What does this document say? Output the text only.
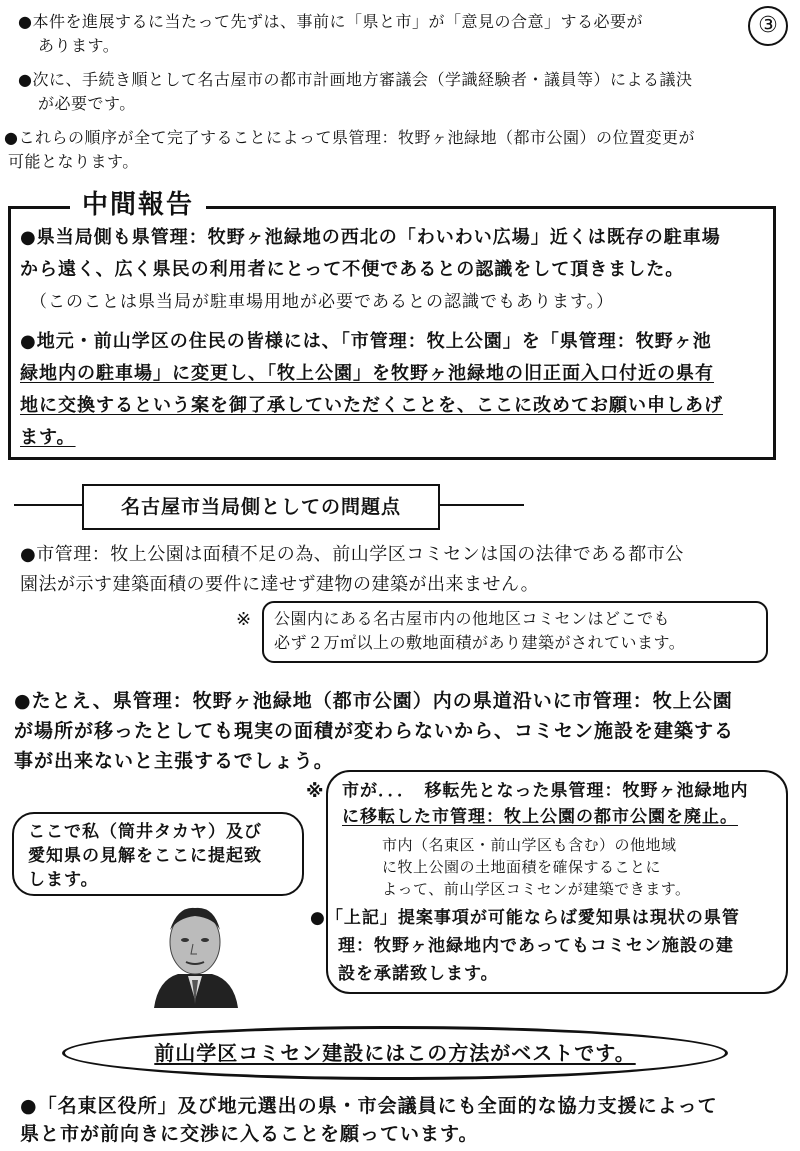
③
●本件を進展するに当たって先ずは、事前に「県と市」が「意見の合意」する必要が
あります。
●次に、手続き順として名古屋市の都市計画地方審議会（学識経験者・議員等）による議決
が必要です。
●これらの順序が全て完了することによって県管理：牧野ヶ池緑地（都市公園）の位置変更が
可能となります。
中間報告
●県当局側も県管理：牧野ヶ池緑地の西北の「わいわい広場」近くは既存の駐車場
から遠く、広く県民の利用者にとって不便であるとの認識をして頂きました。
（このことは県当局が駐車場用地が必要であるとの認識でもあります。）
●地元・前山学区の住民の皆様には、「市管理：牧上公園」を「県管理：牧野ヶ池
緑地内の駐車場」に変更し、「牧上公園」を牧野ヶ池緑地の旧正面入口付近の県有
地に交換するという案を御了承していただくことを、ここに改めてお願い申しあげ
ます。
名古屋市当局側としての問題点
●市管理：牧上公園は面積不足の為、前山学区コミセンは国の法律である都市公
園法が示す建築面積の要件に達せず建物の建築が出来ません。
※ 公園内にある名古屋市内の他地区コミセンはどこでも
必ず２万㎡以上の敷地面積があり建築がされています。
●たとえ、県管理：牧野ヶ池緑地（都市公園）内の県道沿いに市管理：牧上公園
が場所が移ったとしても現実の面積が変わらないから、コミセン施設を建築する
事が出来ないと主張するでしょう。
ここで私（筒井タカヤ）及び
愛知県の見解をここに提起致
します。
※ 市が．．．　移転先となった県管理：牧野ヶ池緑地内
に移転した市管理：牧上公園の都市公園を廃止。
市内（名東区・前山学区も含む）の他地域
に牧上公園の土地面積を確保することに
よって、前山学区コミセンが建築できます。
●「上記」提案事項が可能ならば愛知県は現状の県管
理：牧野ヶ池緑地内であってもコミセン施設の建
設を承諾致します。
前山学区コミセン建設にはこの方法がベストです。
●「名東区役所」及び地元選出の県・市会議員にも全面的な協力支援によって
県と市が前向きに交渉に入ることを願っています。
